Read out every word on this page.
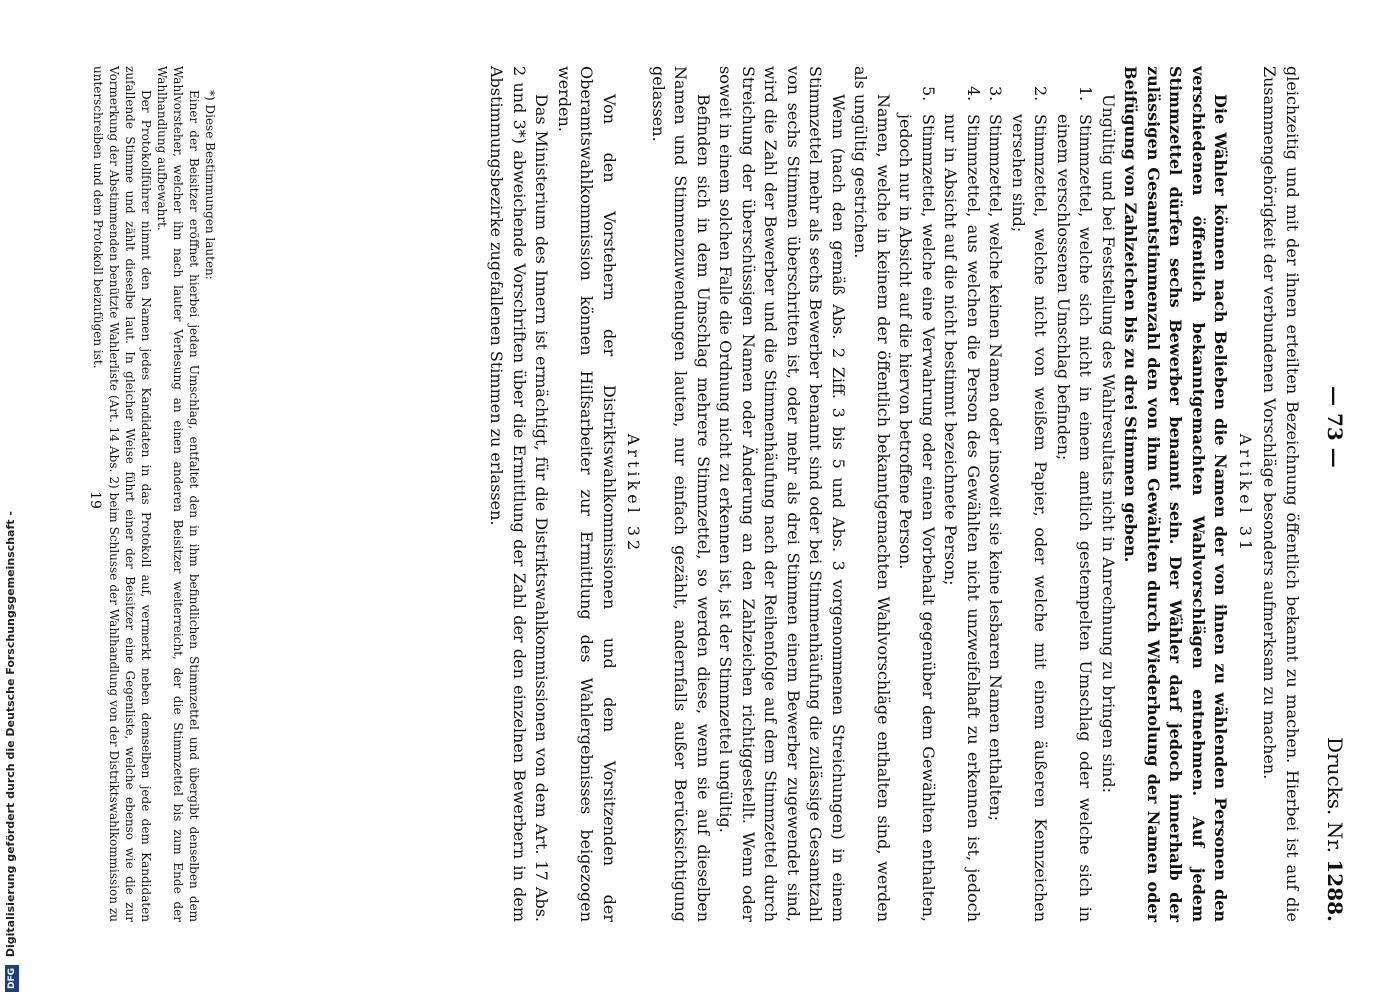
— 73 —
Drucks. Nr. 1288.

gleichzeitig und mit der ihnen erteilten Bezeichnung öffentlich bekannt zu machen. Hierbei ist auf die Zusammengehörigkeit der verbundenen Vorschläge besonders aufmerksam zu machen.

Artikel 31

Die Wähler können nach Belieben die Namen der von ihnen zu wählenden Personen den verschiedenen öffentlich bekanntgemachten Wahlvorschlägen entnehmen. Auf jedem Stimmzettel dürfen sechs Bewerber benannt sein. Der Wähler darf jedoch innerhalb der zulässigen Gesamtstimmenzahl den von ihm Gewählten durch Wiederholung der Namen oder Beifügung von Zahlzeichen bis zu drei Stimmen geben.

Ungültig und bei Feststellung des Wahlresultats nicht in Anrechnung zu bringen sind:

1.
Stimmzettel, welche sich nicht in einem amtlich gestempelten Umschlag oder welche sich in einem verschlossenen Umschlag befinden;
2.
Stimmzettel, welche nicht von weißem Papier, oder welche mit einem äußeren Kennzeichen versehen sind;
3.
Stimmzettel, welche keinen Namen oder insoweit sie keine lesbaren Namen enthalten;
4.
Stimmzettel, aus welchen die Person des Gewählten nicht unzweifelhaft zu erkennen ist, jedoch nur in Absicht auf die nicht bestimmt bezeichnete Person;
5.
Stimmzettel, welche eine Verwahrung oder einen Vorbehalt gegenüber dem Gewählten enthalten, jedoch nur in Absicht auf die hiervon betroffene Person.

Namen, welche in keinem der öffentlich bekanntgemachten Wahlvorschläge enthalten sind, werden als ungültig gestrichen.

Wenn (nach den gemäß Abs. 2 Ziff. 3 bis 5 und Abs. 3 vorgenommenen Streichungen) in einem Stimmzettel mehr als sechs Bewerber benannt sind oder bei Stimmenhäufung die zulässige Gesamtzahl von sechs Stimmen überschritten ist, oder mehr als drei Stimmen einem Bewerber zugewendet sind, wird die Zahl der Bewerber und die Stimmenhäufung nach der Reihenfolge auf dem Stimmzettel durch Streichung der überschüssigen Namen oder Änderung an den Zahlzeichen richtiggestellt. Wenn oder soweit in einem solchen Falle die Ordnung nicht zu erkennen ist, ist der Stimmzettel ungültig.

Befinden sich in dem Umschlag mehrere Stimmzettel, so werden diese, wenn sie auf dieselben Namen und Stimmenzuwendungen lauten, nur einfach gezählt, andernfalls außer Berücksichtigung gelassen.

Artikel 32

Von den Vorstehern der Distriktswahlkommissionen und dem Vorsitzenden der Oberamtswahlkommission können Hilfsarbeiter zur Ermittlung des Wahlergebnisses beigezogen werden.

Das Ministerium des Innern ist ermächtigt, für die Distriktswahlkommissionen von dem Art. 17 Abs. 2 und 3*) abweichende Vorschriften über die Ermittlung der Zahl der den einzelnen Bewerbern in dem Abstimmungsbezirke zugefallenen Stimmen zu erlassen.

*) Diese Bestimmungen lauten:

Einer der Beisitzer eröffnet hierbei jeden Umschlag, entfaltet den in ihm befindlichen Stimmzettel und übergibt denselben dem Wahlvorsteher, welcher ihn nach lauter Verlesung an einen anderen Beisitzer weiterreicht, der die Stimmzettel bis zum Ende der Wahlhandlung aufbewahrt.

Der Protokollführer nimmt den Namen jedes Kandidaten in das Protokoll auf, vermerkt neben demselben jede dem Kandidaten zufallende Stimme und zählt dieselbe laut. In gleicher Weise führt einer der Beisitzer eine Gegenliste, welche ebenso wie die zur Vormerkung der Abstimmenden benützte Wahlerliste (Art. 14 Abs. 2) beim Schlusse der Wahlhandlung von der Distriktswahlkommission zu unterschreiben und dem Protokoll beizufügen ist.

19
DFG Digitalisierung gefördert durch die Deutsche Forschungsgemeinschaft -
